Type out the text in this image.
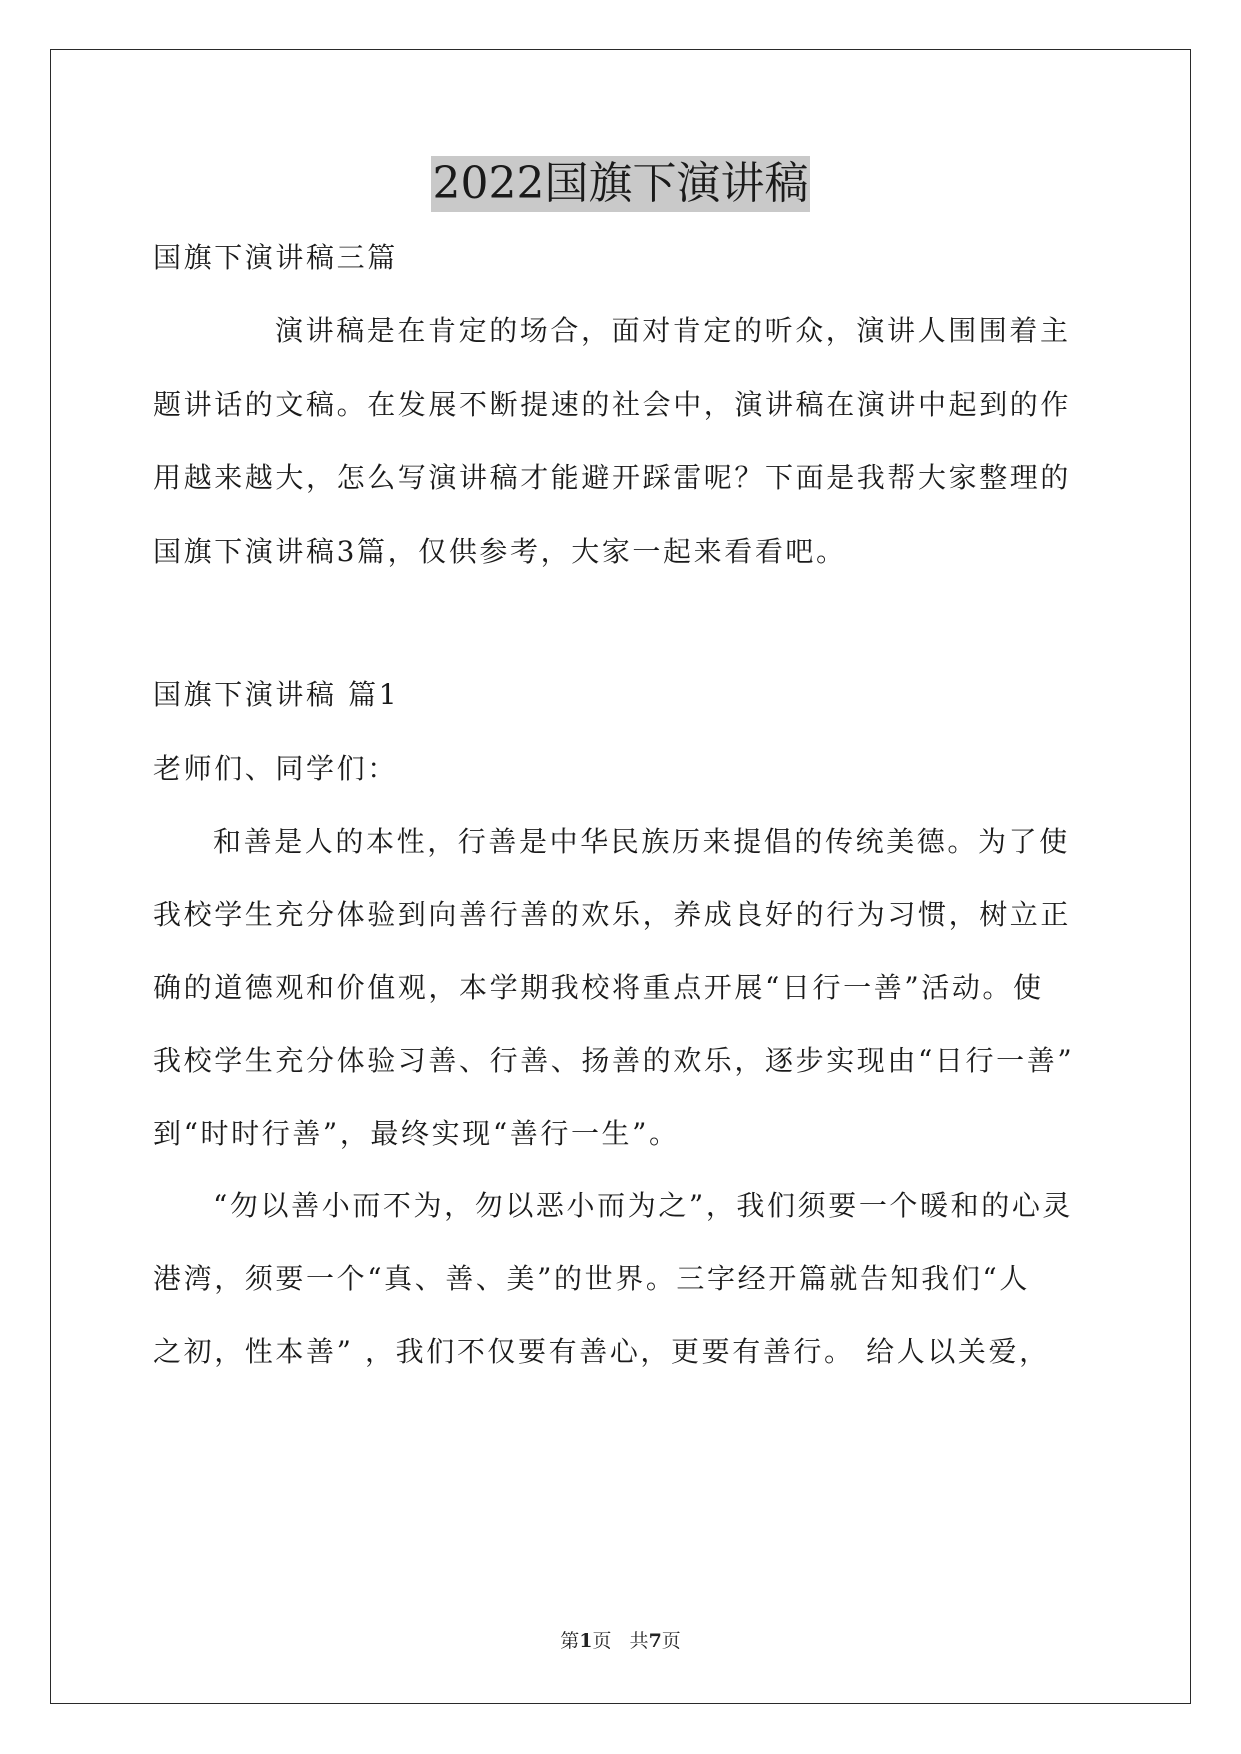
2022国旗下演讲稿
国旗下演讲稿三篇
演讲稿是在肯定的场合，面对肯定的听众，演讲人围围着主
题讲话的文稿。在发展不断提速的社会中，演讲稿在演讲中起到的作
用越来越大，怎么写演讲稿才能避开踩雷呢？下面是我帮大家整理的
国旗下演讲稿3篇，仅供参考，大家一起来看看吧。
国旗下演讲稿 篇1
老师们、同学们：
和善是人的本性，行善是中华民族历来提倡的传统美德。为了使
我校学生充分体验到向善行善的欢乐，养成良好的行为习惯，树立正
确的道德观和价值观，本学期我校将重点开展“日行一善”活动。使
我校学生充分体验习善、行善、扬善的欢乐，逐步实现由“日行一善”
到“时时行善”，最终实现“善行一生”。
“勿以善小而不为，勿以恶小而为之”，我们须要一个暖和的心灵
港湾，须要一个“真、善、美”的世界。三字经开篇就告知我们“人
之初，性本善” ，我们不仅要有善心，更要有善行。 给人以关爱，
第1页   共7页
